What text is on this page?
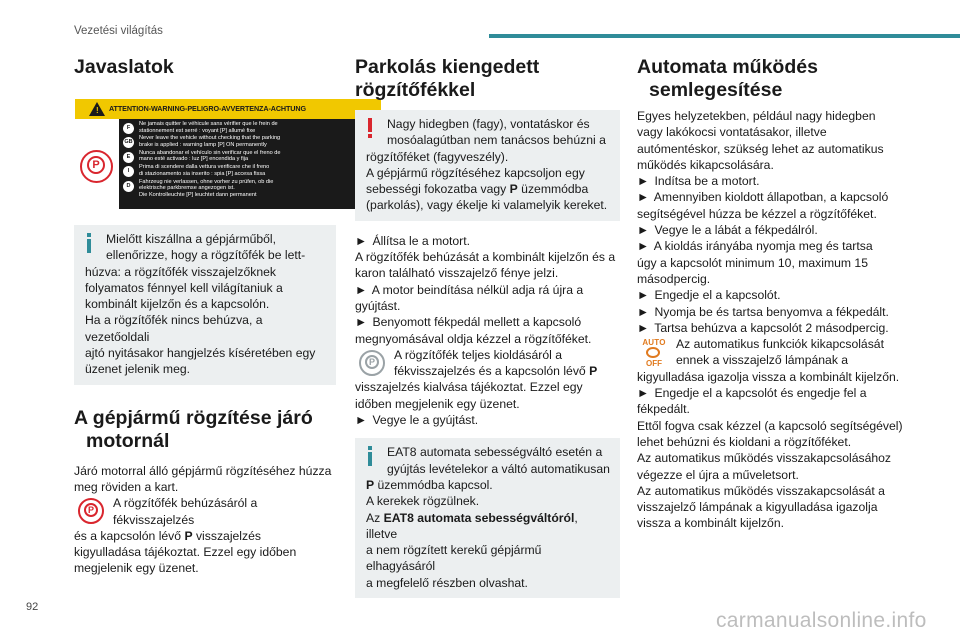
Vezetési világítás
Javaslatok
! ATTENTION-WARNING-PELIGRO-AVVERTENZA-ACHTUNG
P
F
Ne jamais quitter le véhicule sans vérifier que le frein de
stationnement est serré : voyant [P] allumé fixe
GB
Never leave the vehicle without checking that the parking
brake is applied : warning lamp [P] ON permanently
E
Nunca abandonar el vehículo sin verificar que el freno de
mano esté activado : luz [P] encendida y fija
I
Prima di scendere dalla vettura verificare che il freno
di stazionamento sia inserito : spia [P] accesa fissa
D
Fahrzeug nie verlassen, ohne vorher zu prüfen, ob die
elektrische parkbremse angezogen ist.
Die Kontrolleuchte [P] leuchtet dann permanent

Mielőtt kiszállna a gépjárműből,

ellenőrizze, hogy a rögzítőfék be lett-

húzva: a rögzítőfék visszajelzőknek

folyamatos fénnyel kell világítaniuk a

kombinált kijelzőn és a kapcsolón.

Ha a rögzítőfék nincs behúzva, a vezetőoldali

ajtó nyitásakor hangjelzés kíséretében egy

üzenet jelenik meg.

A gépjármű rögzítése járó
motornál

Járó motorral álló gépjármű rögzítéséhez húzza

meg röviden a kart.

P	A rögzítőfék behúzásáról a fékvisszajelzés

és a kapcsolón lévő P visszajelzés

kigyulladása tájékoztat. Ezzel egy időben

megjelenik egy üzenet.

Parkolás kiengedett
rögzítőfékkel

Nagy hidegben (fagy), vontatáskor és

mosóalagútban nem tanácsos behúzni a

rögzítőféket (fagyveszély).

A gépjármű rögzítéséhez kapcsoljon egy

sebességi fokozatba vagy P üzemmódba

(parkolás), vagy ékelje ki valamelyik kereket.

► Állítsa le a motort.

A rögzítőfék behúzását a kombinált kijelzőn és a

karon található visszajelző fénye jelzi.

► A motor beindítása nélkül adja rá újra a

gyújtást.

► Benyomott fékpedál mellett a kapcsoló

megnyomásával oldja kézzel a rögzítőféket.

P	A rögzítőfék teljes kioldásáról a

fékvisszajelzés és a kapcsolón lévő P

visszajelzés kialvása tájékoztat. Ezzel egy

időben megjelenik egy üzenet.

► Vegye le a gyújtást.

EAT8 automata sebességváltó esetén a

gyújtás levételekor a váltó automatikusan

P üzemmódba kapcsol.

A kerekek rögzülnek.

Az EAT8 automata sebességváltóról, illetve

a nem rögzített kerekű gépjármű elhagyásáról

a megfelelő részben olvashat.

Automata működés
semlegesítése

Egyes helyzetekben, például nagy hidegben

vagy lakókocsi vontatásakor, illetve

autómentéskor, szükség lehet az automatikus

működés kikapcsolására.

► Indítsa be a motort.

► Amennyiben kioldott állapotban, a kapcsoló

segítségével húzza be kézzel a rögzítőféket.

► Vegye le a lábát a fékpedálról.

► A kioldás irányába nyomja meg és tartsa

úgy a kapcsolót minimum 10, maximum 15

másodpercig.

► Engedje el a kapcsolót.

► Nyomja be és tartsa benyomva a fékpedált.

► Tartsa behúzva a kapcsolót 2 másodpercig.

AUTO
OFF

Az automatikus funkciók kikapcsolását

ennek a visszajelző lámpának a

kigyulladása igazolja vissza a kombinált kijelzőn.

► Engedje el a kapcsolót és engedje fel a

fékpedált.

Ettől fogva csak kézzel (a kapcsoló segítségével)

lehet behúzni és kioldani a rögzítőféket.

Az automatikus működés visszakapcsolásához

végezze el újra a műveletsort.

Az automatikus működés visszakapcsolását a

visszajelző lámpának a kigyulladása igazolja

vissza a kombinált kijelzőn.

92
carmanualsonline.info
